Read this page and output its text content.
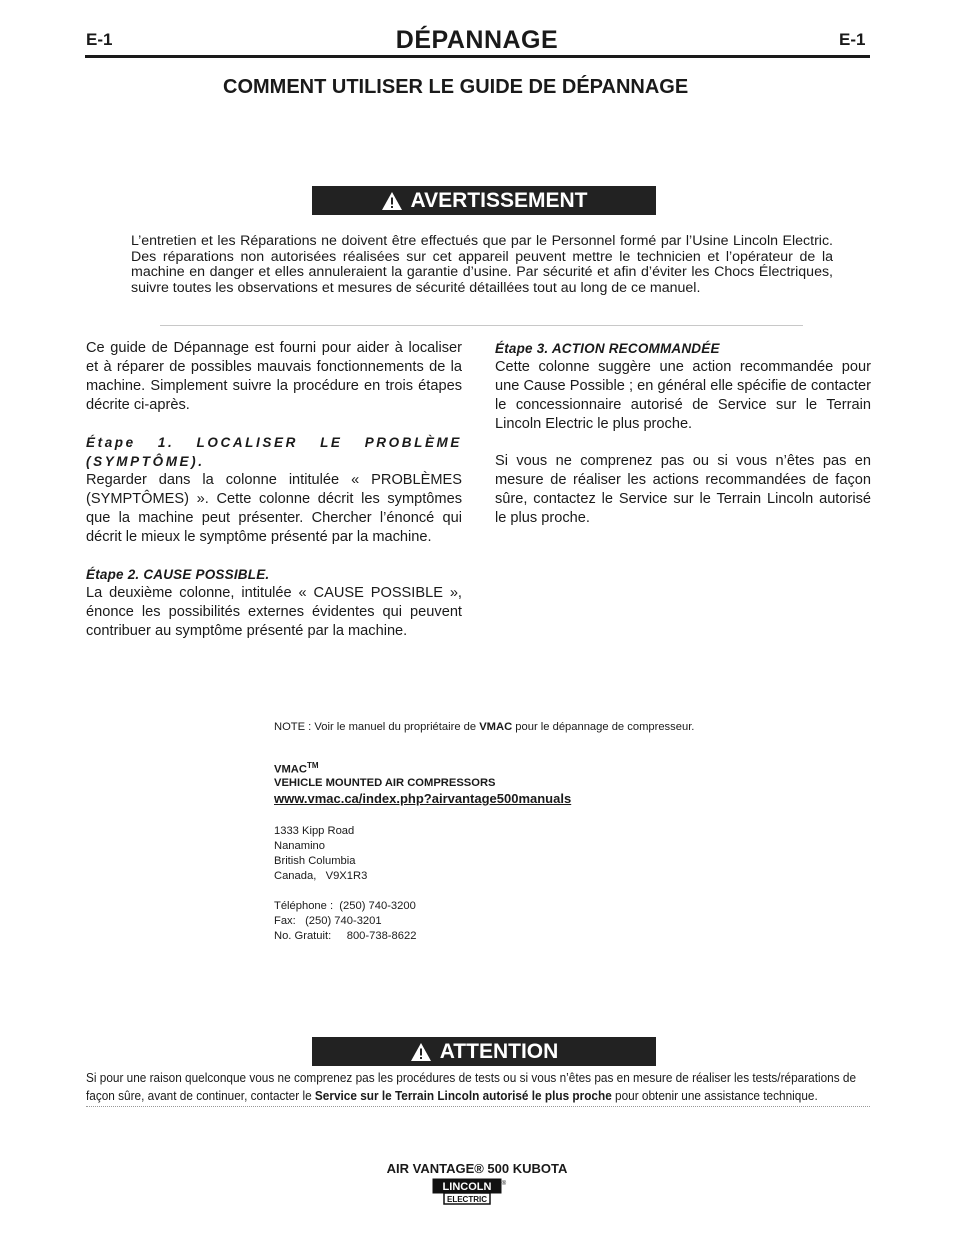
E-1	DÉPANNAGE	E-1
COMMENT UTILISER LE GUIDE DE DÉPANNAGE
AVERTISSEMENT
L’entretien et les Réparations ne doivent être effectués que par le Personnel formé par l’Usine Lincoln Electric. Des réparations non autorisées réalisées sur cet appareil peuvent mettre le technicien et l’opérateur de la machine en danger et elles annuleraient la garantie d’usine. Par sécurité et afin d’éviter les Chocs Électriques, suivre toutes les observations et mesures de sécurité détaillées tout au long de ce manuel.

Ce guide de Dépannage est fourni pour aider à localiser et à réparer de possibles mauvais fonctionnements de la machine. Simplement suivre la procédure en trois étapes décrite ci-après.

Étape 1. LOCALISER LE PROBLÈME (SYMPTÔME).

Regarder dans la colonne intitulée « PROBLÈMES (SYMPTÔMES) ». Cette colonne décrit les symptômes que la machine peut présenter. Chercher l’énoncé qui décrit le mieux le symptôme présenté par la machine.

Étape 2. CAUSE POSSIBLE.

La deuxième colonne, intitulée « CAUSE POSSIBLE », énonce les possibilités externes évidentes qui peuvent contribuer au symptôme présenté par la machine.

Étape 3. ACTION RECOMMANDÉE

Cette colonne suggère une action recommandée pour une Cause Possible ; en général elle spécifie de contacter le concessionnaire autorisé de Service sur le Terrain Lincoln Electric le plus proche.

Si vous ne comprenez pas ou si vous n’êtes pas en mesure de réaliser les actions recommandées de façon sûre, contactez le Service sur le Terrain Lincoln autorisé le plus proche.

NOTE : Voir le manuel du propriétaire de VMAC pour le dépannage de compresseur.
VMAC™
VEHICLE MOUNTED AIR COMPRESSORS
www.vmac.ca/index.php?airvantage500manuals
1333 Kipp Road
Nanamino
British Columbia
Canada,   V9X1R3
Téléphone :  (250) 740-3200
Fax:   (250) 740-3201
No. Gratuit:     800-738-8622
ATTENTION
Si pour une raison quelconque vous ne comprenez pas les procédures de tests ou si vous n’êtes pas en mesure de réaliser les tests/réparations de façon sûre, avant de continuer, contacter le Service sur le Terrain Lincoln autorisé le plus proche pour obtenir une assistance technique.
AIR VANTAGE® 500 KUBOTA
LINCOLN ®
ELECTRIC
